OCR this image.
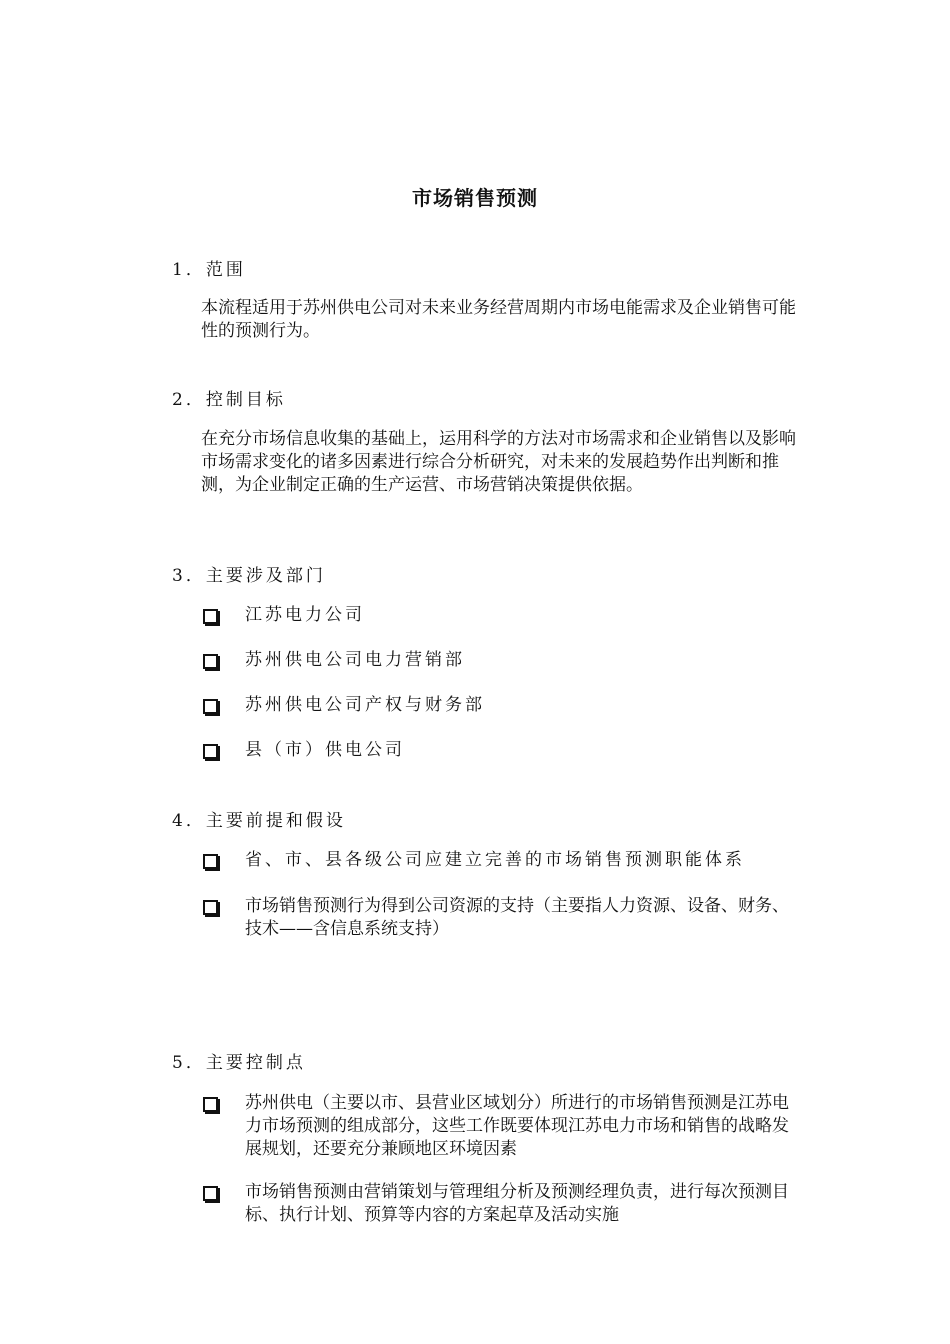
市场销售预测
1．范围
本流程适用于苏州供电公司对未来业务经营周期内市场电能需求及企业销售可能性的预测行为。
2．控制目标
在充分市场信息收集的基础上，运用科学的方法对市场需求和企业销售以及影响市场需求变化的诸多因素进行综合分析研究，对未来的发展趋势作出判断和推测，为企业制定正确的生产运营、市场营销决策提供依据。
3．主要涉及部门
江苏电力公司
苏州供电公司电力营销部
苏州供电公司产权与财务部
县（市）供电公司
4．主要前提和假设
省、市、县各级公司应建立完善的市场销售预测职能体系
市场销售预测行为得到公司资源的支持（主要指人力资源、设备、财务、技术——含信息系统支持）
5．主要控制点
苏州供电（主要以市、县营业区域划分）所进行的市场销售预测是江苏电力市场预测的组成部分，这些工作既要体现江苏电力市场和销售的战略发展规划，还要充分兼顾地区环境因素
市场销售预测由营销策划与管理组分析及预测经理负责，进行每次预测目标、执行计划、预算等内容的方案起草及活动实施
